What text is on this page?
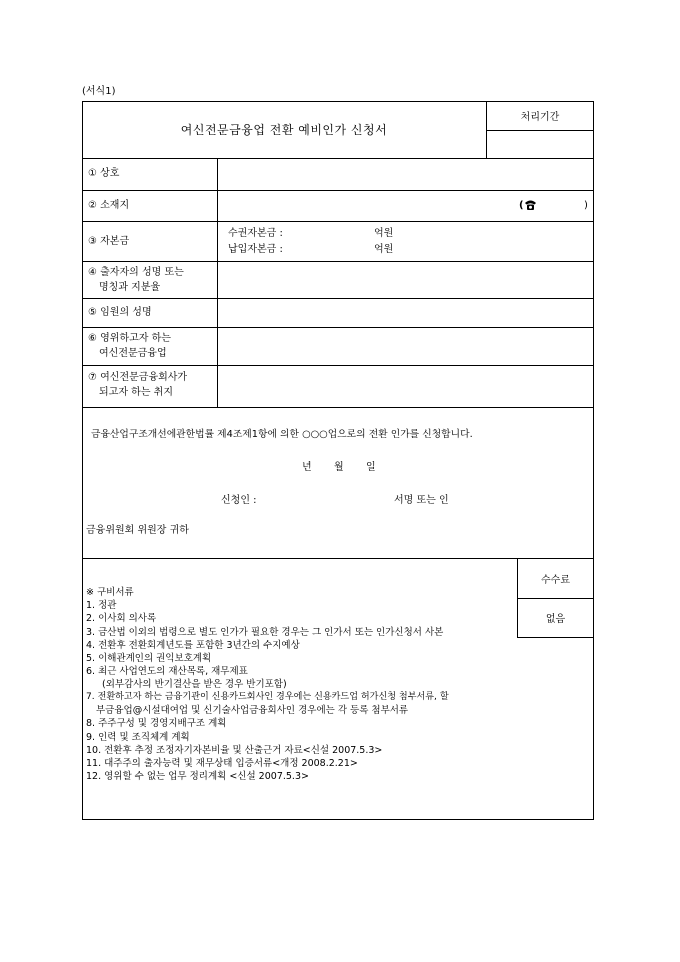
(서식1)
여신전문금융업 전환 예비인가 신청서
처리기간
① 상호
② 소재지	(	)
③ 자본금
수권자본금 :	억원
납입자본금 :	억원
④ 출자자의 성명 또는
명칭과 지분율
⑤ 임원의 성명
⑥ 영위하고자 하는
여신전문금융업
⑦ 여신전문금융회사가
되고자 하는 취지
금융산업구조개선에관한법률 제4조제1항에 의한 ○○○업으로의 전환 인가를 신청합니다.
년 월 일
신청인 :	서명 또는 인
금융위원회 위원장 귀하
※ 구비서류
1. 정관
2. 이사회 의사록
3. 금산법 이외의 법령으로 별도 인가가 필요한 경우는 그 인가서 또는 인가신청서 사본
4. 전환후 전환회계년도를 포함한 3년간의 수지예상
5. 이해관계인의 권익보호계획
6. 최근 사업연도의 재산목록, 재무제표
(외부감사의 반기결산을 받은 경우 반기포함)
7. 전환하고자 하는 금융기관이 신용카드회사인 경우에는 신용카드업 허가신청 첨부서류, 할
부금융업@시설대여업 및 신기술사업금융회사인 경우에는 각 등록 첨부서류
8. 주주구성 및 경영지배구조 계획
9. 인력 및 조직체계 계획
10. 전환후 추정 조정자기자본비율 및 산출근거 자료<신설 2007.5.3>
11. 대주주의 출자능력 및 재무상태 입증서류<개정 2008.2.21>
12. 영위할 수 없는 업무 정리계획 <신설 2007.5.3>
수수료
없음
